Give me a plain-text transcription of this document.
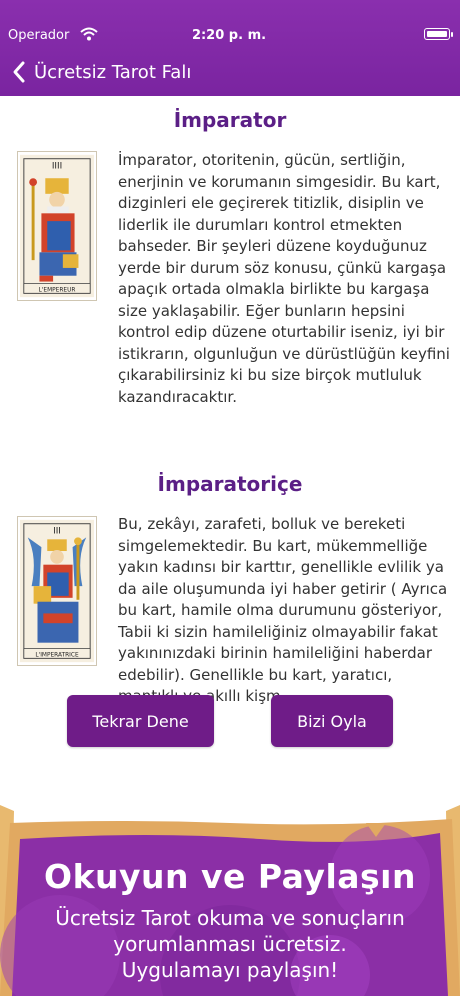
Operador	2:20 p. m.
Ücretsiz Tarot Falı
İmparator
IIII
L'EMPEREUR
İmparator, otoritenin, gücün, sertliğin, enerjinin ve korumanın simgesidir. Bu kart, dizginleri ele geçirerek titizlik, disiplin ve liderlik ile durumları kontrol etmekten bahseder. Bir şeyleri düzene koyduğunuz yerde bir durum söz konusu, çünkü kargaşa apaçık ortada olmakla birlikte bu kargaşa size yaklaşabilir. Eğer bunların hepsini kontrol edip düzene oturtabilir iseniz, iyi bir istikrarın, olgunluğun ve dürüstlüğün keyfini çıkarabilirsiniz ki bu size birçok mutluluk kazandıracaktır.
İmparatoriçe
III
L'IMPERATRICE
Bu, zekâyı, zarafeti, bolluk ve bereketi simgelemektedir. Bu kart, mükemmelliğe yakın kadınsı bir karttır, genellikle evlilik ya da aile oluşumunda iyi haber getirir ( Ayrıca bu kart, hamile olma durumunu gösteriyor, Tabii ki sizin hamileliğiniz olmayabilir fakat yakınınızdaki birinin hamileliğini haberdar edebilir). Genellikle bu kart, yaratıcı, akıllı kişm
Tekrar Dene	Bizi Oyla
Okuyun ve Paylaşın
Ücretsiz Tarot okuma ve sonuçların
yorumlanması ücretsiz.
Uygulamayı paylaşın!
